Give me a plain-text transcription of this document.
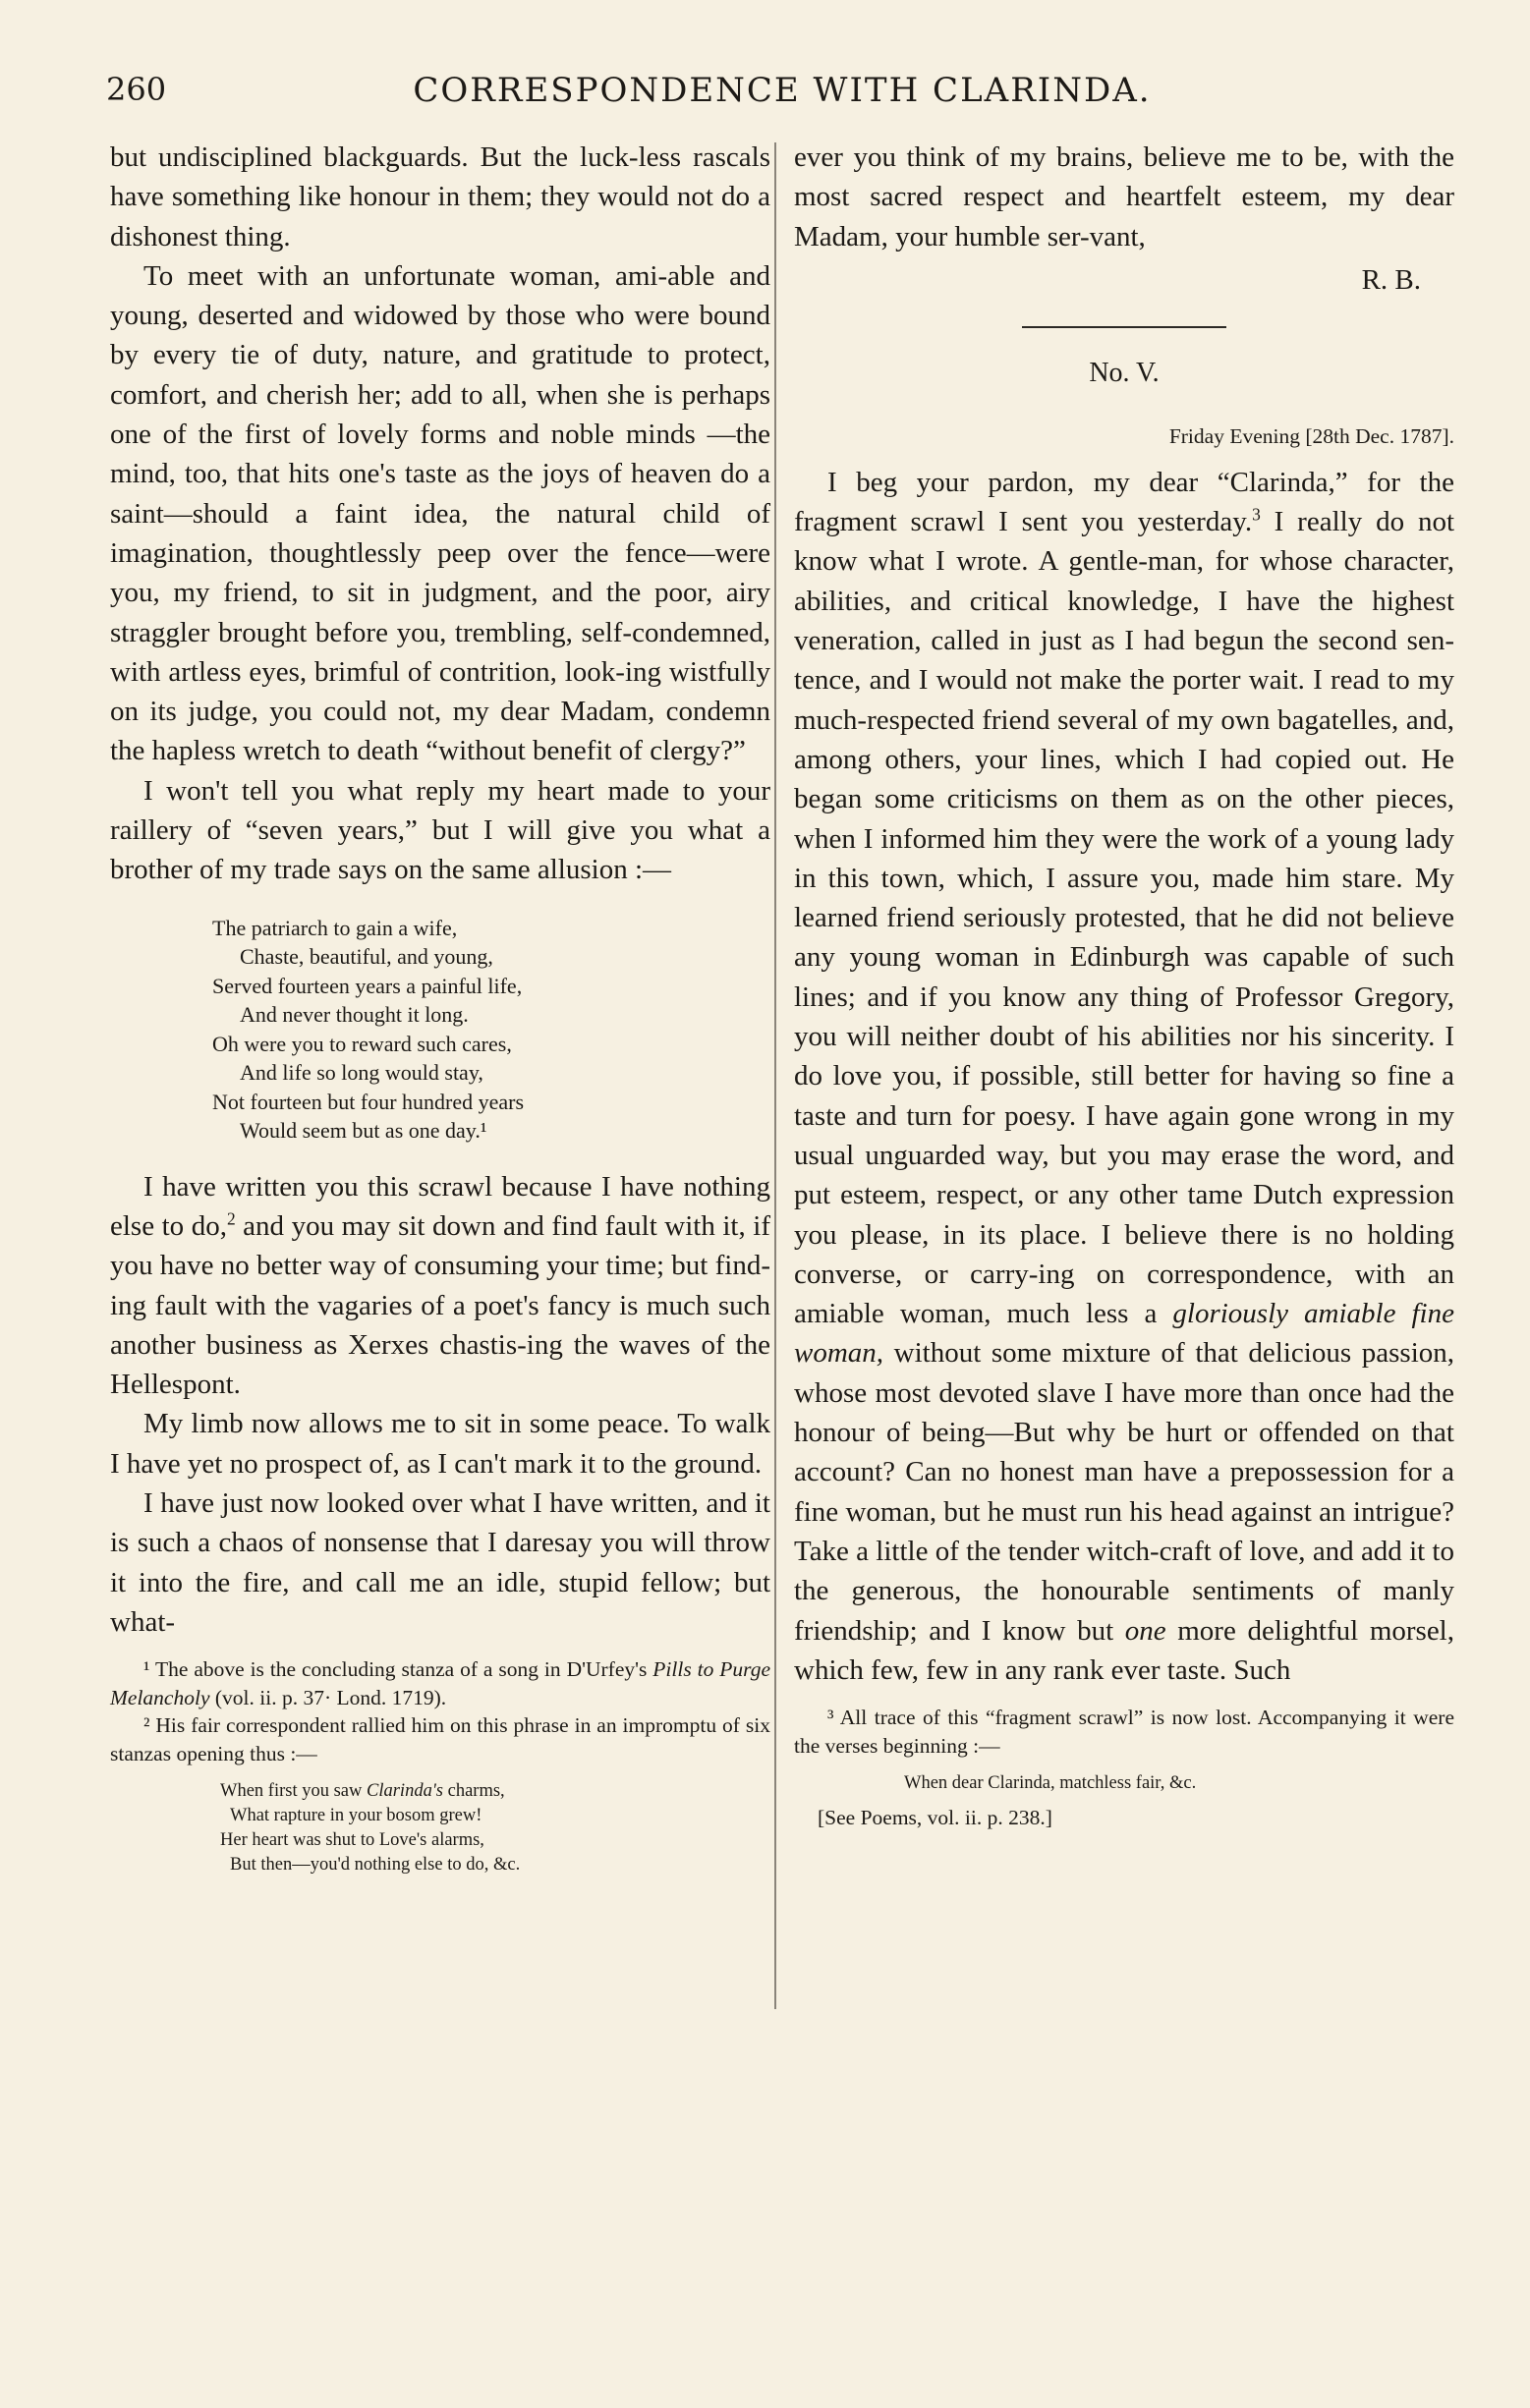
260	CORRESPONDENCE WITH CLARINDA.

but undisciplined blackguards. But the luck-less rascals have something like honour in them; they would not do a dishonest thing.

To meet with an unfortunate woman, ami-able and young, deserted and widowed by those who were bound by every tie of duty, nature, and gratitude to protect, comfort, and cherish her; add to all, when she is perhaps one of the first of lovely forms and noble minds —the mind, too, that hits one's taste as the joys of heaven do a saint—should a faint idea, the natural child of imagination, thoughtlessly peep over the fence—were you, my friend, to sit in judgment, and the poor, airy straggler brought before you, trembling, self-condemned, with artless eyes, brimful of contrition, look-ing wistfully on its judge, you could not, my dear Madam, condemn the hapless wretch to death “without benefit of clergy?”

I won't tell you what reply my heart made to your raillery of “seven years,” but I will give you what a brother of my trade says on the same allusion :—

The patriarch to gain a wife,
Chaste, beautiful, and young,
Served fourteen years a painful life,
And never thought it long.
Oh were you to reward such cares,
And life so long would stay,
Not fourteen but four hundred years
Would seem but as one day.¹

I have written you this scrawl because I have nothing else to do,$^2$ and you may sit down and find fault with it, if you have no better way of consuming your time; but find-ing fault with the vagaries of a poet's fancy is much such another business as Xerxes chastis-ing the waves of the Hellespont.

My limb now allows me to sit in some peace. To walk I have yet no prospect of, as I can't mark it to the ground.

I have just now looked over what I have written, and it is such a chaos of nonsense that I daresay you will throw it into the fire, and call me an idle, stupid fellow; but what-

¹ The above is the concluding stanza of a song in D'Urfey's Pills to Purge Melancholy (vol. ii. p. 37· Lond. 1719).

² His fair correspondent rallied him on this phrase in an impromptu of six stanzas opening thus :—

When first you saw Clarinda's charms,
What rapture in your bosom grew!
Her heart was shut to Love's alarms,
But then—you'd nothing else to do, &c.

ever you think of my brains, believe me to be, with the most sacred respect and heartfelt esteem, my dear Madam, your humble ser-vant,

R. B.
No. V.
Friday Evening [28th Dec. 1787].

I beg your pardon, my dear “Clarinda,” for the fragment scrawl I sent you yesterday.$^3$ I really do not know what I wrote. A gentle-man, for whose character, abilities, and critical knowledge, I have the highest veneration, called in just as I had begun the second sen-tence, and I would not make the porter wait. I read to my much-respected friend several of my own bagatelles, and, among others, your lines, which I had copied out. He began some criticisms on them as on the other pieces, when I informed him they were the work of a young lady in this town, which, I assure you, made him stare. My learned friend seriously protested, that he did not believe any young woman in Edinburgh was capable of such lines; and if you know any thing of Professor Gregory, you will neither doubt of his abilities nor his sincerity. I do love you, if possible, still better for having so fine a taste and turn for poesy. I have again gone wrong in my usual unguarded way, but you may erase the word, and put esteem, respect, or any other tame Dutch expression you please, in its place. I believe there is no holding converse, or carry-ing on correspondence, with an amiable woman, much less a gloriously amiable fine woman, without some mixture of that delicious passion, whose most devoted slave I have more than once had the honour of being—But why be hurt or offended on that account? Can no honest man have a prepossession for a fine woman, but he must run his head against an intrigue? Take a little of the tender witch-craft of love, and add it to the generous, the honourable sentiments of manly friendship; and I know but one more delightful morsel, which few, few in any rank ever taste. Such

³ All trace of this “fragment scrawl” is now lost. Accompanying it were the verses beginning :—

When dear Clarinda, matchless fair, &c.
[See Poems, vol. ii. p. 238.]
